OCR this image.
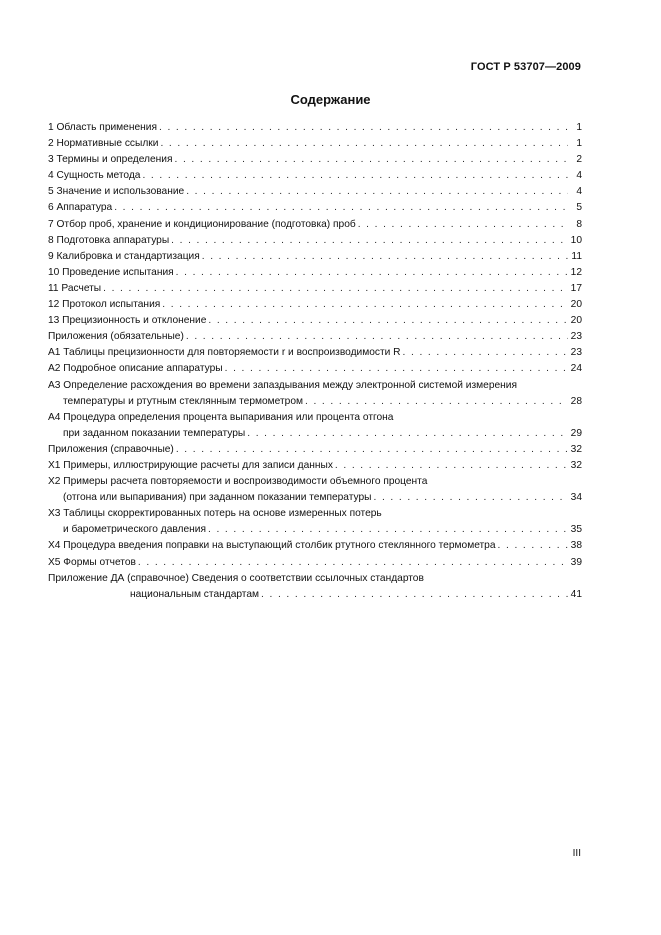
ГОСТ Р 53707—2009
Содержание
1 Область применения . . .	1
2 Нормативные ссылки . . .	1
3 Термины и определения . . .	2
4 Сущность метода . . .	4
5 Значение и использование . . .	4
6 Аппаратура . . .	5
7 Отбор проб, хранение и кондиционирование (подготовка) проб . . .	8
8 Подготовка аппаратуры . . .	10
9 Калибровка и стандартизация . . .	11
10 Проведение испытания . . .	12
11 Расчеты . . .	17
12 Протокол испытания . . .	20
13 Прецизионность и отклонение . . .	20
Приложения (обязательные) . . .	23
А1 Таблицы прецизионности для повторяемости r и воспроизводимости R . . .	23
А2 Подробное описание аппаратуры . . .	24
А3 Определение расхождения во времени запаздывания между электронной системой измерения
температуры и ртутным стеклянным термометром . . .	28
А4 Процедура определения процента выпаривания или процента отгона
при заданном показании температуры . . .	29
Приложения (справочные) . . .	32
Х1 Примеры, иллюстрирующие расчеты для записи данных . . .	32
Х2 Примеры расчета повторяемости и воспроизводимости объемного процента
(отгона или выпаривания) при заданном показании температуры . . .	34
Х3 Таблицы скорректированных потерь на основе измеренных потерь
и барометрического давления . . .	35
Х4 Процедура введения поправки на выступающий столбик ртутного стеклянного термометра . . .	38
Х5 Формы отчетов . . .	39
Приложение ДА (справочное) Сведения о соответствии ссылочных стандартов
национальным стандартам . . .	41
III
